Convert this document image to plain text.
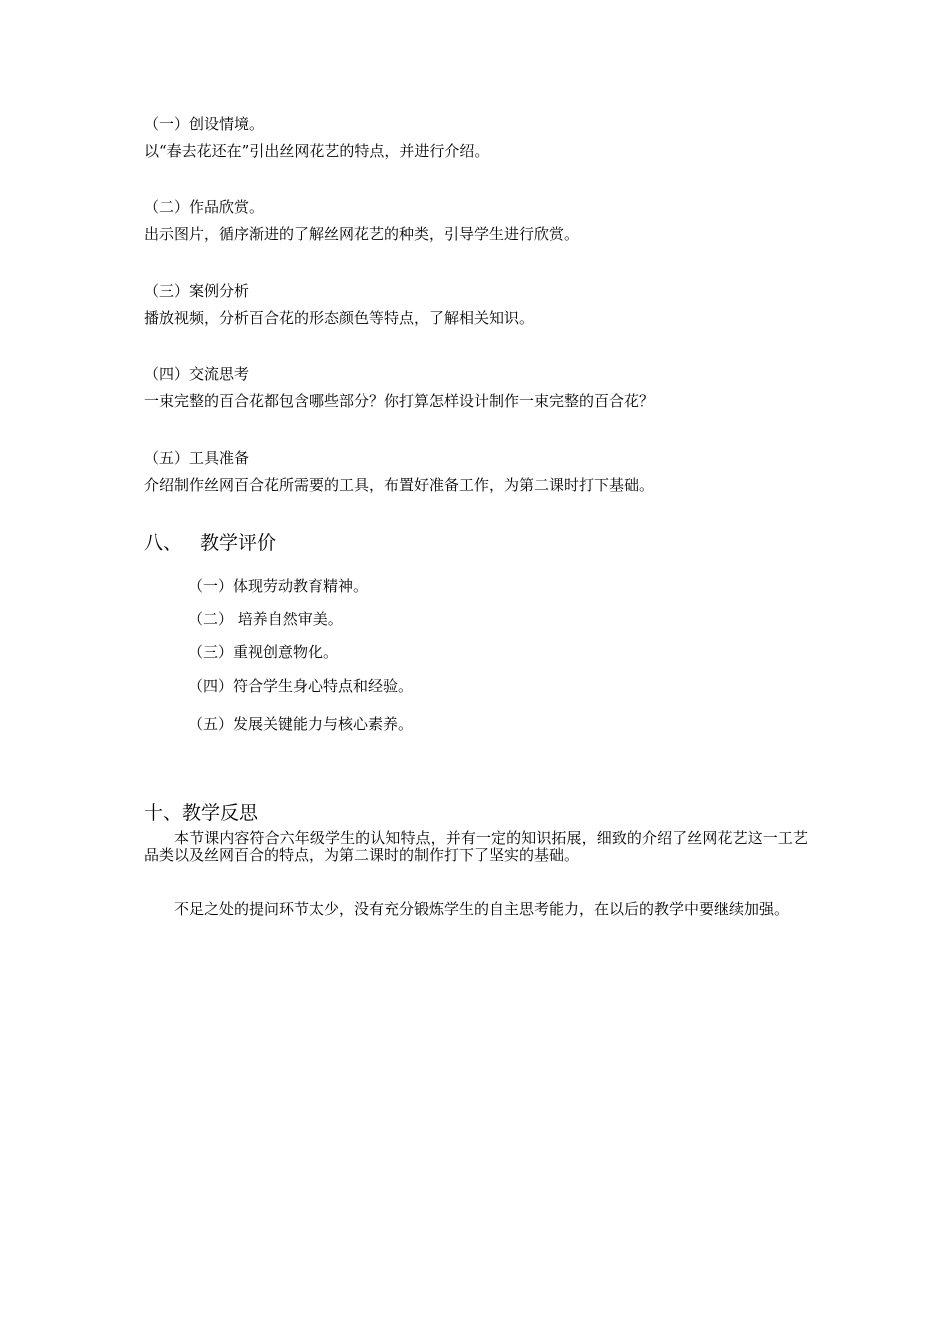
（一）创设情境。
以“春去花还在”引出丝网花艺的特点，并进行介绍。
（二）作品欣赏。
出示图片，循序渐进的了解丝网花艺的种类，引导学生进行欣赏。
（三）案例分析
播放视频，分析百合花的形态颜色等特点，了解相关知识。
（四）交流思考
一束完整的百合花都包含哪些部分？你打算怎样设计制作一束完整的百合花？
（五）工具准备
介绍制作丝网百合花所需要的工具，布置好准备工作，为第二课时打下基础。
八、 教学评价
（一）体现劳动教育精神。
（二） 培养自然审美。
（三）重视创意物化。
（四）符合学生身心特点和经验。
（五）发展关键能力与核心素养。
十、教学反思
本节课内容符合六年级学生的认知特点，并有一定的知识拓展，细致的介绍了丝网花艺这一工艺品类以及丝网百合的特点，为第二课时的制作打下了坚实的基础。
不足之处的提问环节太少，没有充分锻炼学生的自主思考能力，在以后的教学中要继续加强。
